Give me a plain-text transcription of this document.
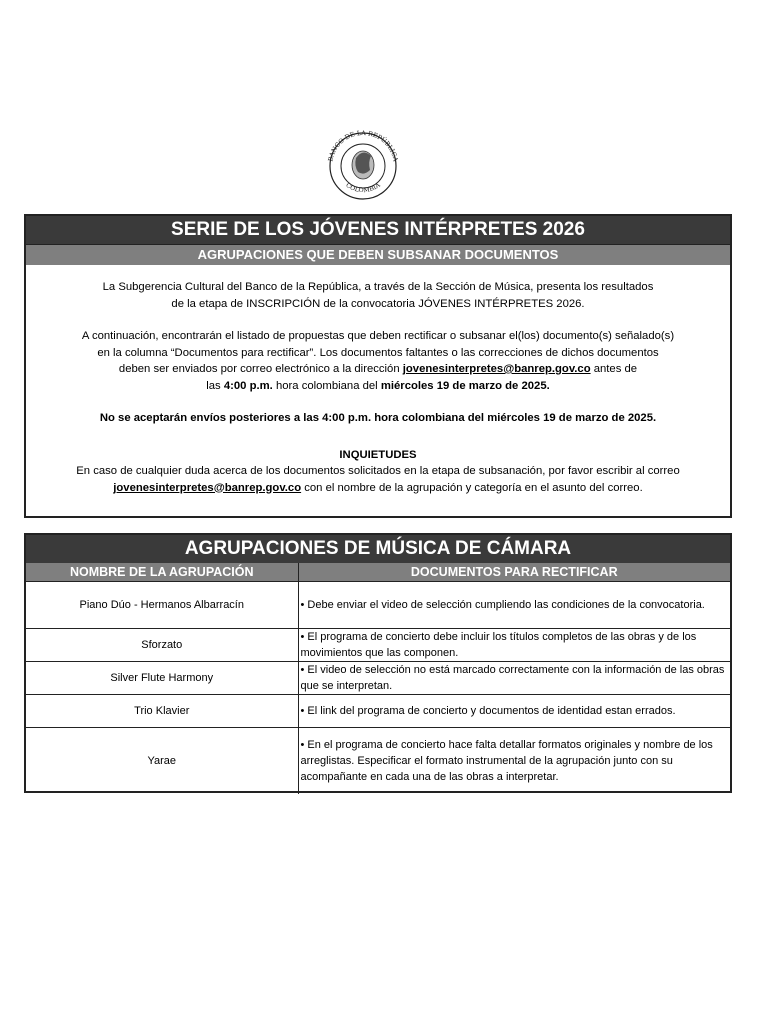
BANCO DE LA REPÚBLICA
COLOMBIA
SERIE DE LOS JÓVENES INTÉRPRETES 2026
AGRUPACIONES QUE DEBEN SUBSANAR DOCUMENTOS

La Subgerencia Cultural del Banco de la República, a través de la Sección de Música, presenta los resultados

de la etapa de INSCRIPCIÓN de la convocatoria JÓVENES INTÉRPRETES 2026.

A continuación, encontrarán el listado de propuestas que deben rectificar o subsanar el(los) documento(s) señalado(s)

en la columna “Documentos para rectificar”. Los documentos faltantes o las correcciones de dichos documentos

deben ser enviados por correo electrónico a la dirección jovenesinterpretes@banrep.gov.co antes de

las 4:00 p.m. hora colombiana del miércoles 19 de marzo de 2025.

No se aceptarán envíos posteriores a las 4:00 p.m. hora colombiana del miércoles 19 de marzo de 2025.

INQUIETUDES

En caso de cualquier duda acerca de los documentos solicitados en la etapa de subsanación, por favor escribir al correo

jovenesinterpretes@banrep.gov.co con el nombre de la agrupación y categoría en el asunto del correo.

AGRUPACIONES DE MÚSICA DE CÁMARA
NOMBRE DE LA AGRUPACIÓN	DOCUMENTOS PARA RECTIFICAR
Piano Dúo - Hermanos Albarracín	• Debe enviar el video de selección cumpliendo las condiciones de la convocatoria.
Sforzato	• El programa de concierto debe incluir los títulos completos de las obras y de los movimientos que las componen.
Silver Flute Harmony	• El video de selección no está marcado correctamente con la información de las obras que se interpretan.
Trio Klavier	• El link del programa de concierto y documentos de identidad estan errados.
Yarae	• En el programa de concierto hace falta detallar formatos originales y nombre de los arreglistas. Especificar el formato instrumental de la agrupación junto con su acompañante en cada una de las obras a interpretar.
